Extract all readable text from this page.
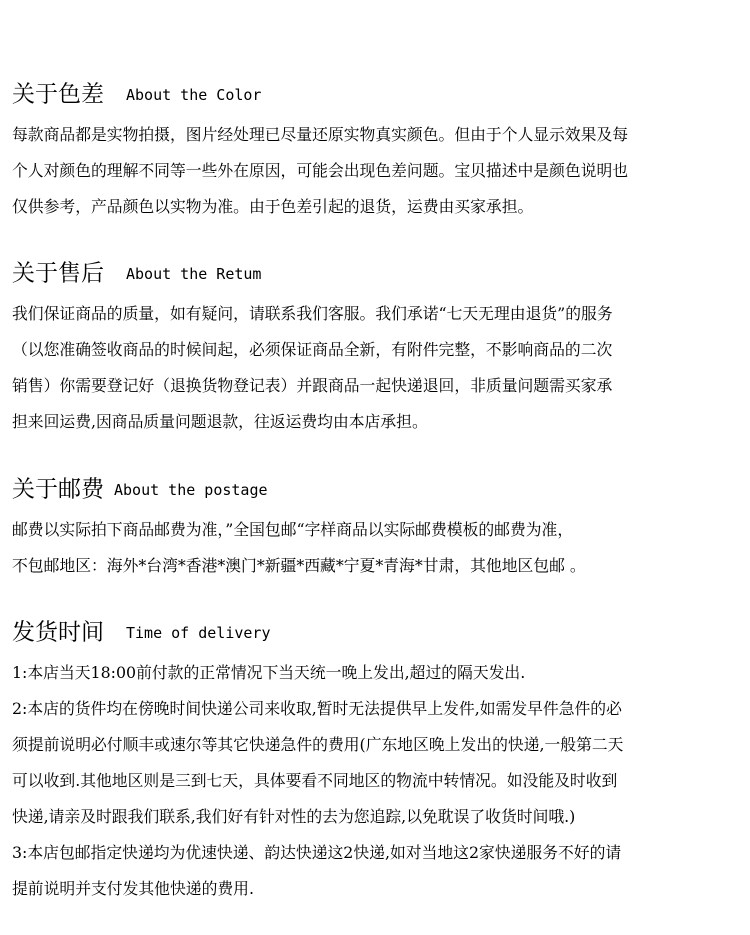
关于色差 About the Color
每款商品都是实物拍摄，图片经处理已尽量还原实物真实颜色。但由于个人显示效果及每
个人对颜色的理解不同等一些外在原因，可能会出现色差问题。宝贝描述中是颜色说明也
仅供参考，产品颜色以实物为准。由于色差引起的退货，运费由买家承担。
关于售后 About the Retum
我们保证商品的质量，如有疑问，请联系我们客服。我们承诺“七天无理由退货”的服务
（以您准确签收商品的时候间起，必须保证商品全新，有附件完整，不影响商品的二次
销售）你需要登记好（退换货物登记表）并跟商品一起快递退回，非质量问题需买家承
担来回运费,因商品质量问题退款，往返运费均由本店承担。
关于邮费 About the postage
邮费以实际拍下商品邮费为准，”全国包邮“字样商品以实际邮费模板的邮费为准，
不包邮地区：海外*台湾*香港*澳门*新疆*西藏*宁夏*青海*甘肃，其他地区包邮 。
发货时间 Time of delivery
1:本店当天18:00前付款的正常情况下当天统一晚上发出,超过的隔天发出.
2:本店的货件均在傍晚时间快递公司来收取,暂时无法提供早上发件,如需发早件急件的必
须提前说明必付顺丰或速尔等其它快递急件的费用(广东地区晚上发出的快递,一般第二天
可以收到.其他地区则是三到七天，具体要看不同地区的物流中转情况。如没能及时收到
快递,请亲及时跟我们联系,我们好有针对性的去为您追踪,以免耽误了收货时间哦.)
3:本店包邮指定快递均为优速快递、韵达快递这2快递,如对当地这2家快递服务不好的请
提前说明并支付发其他快递的费用.
